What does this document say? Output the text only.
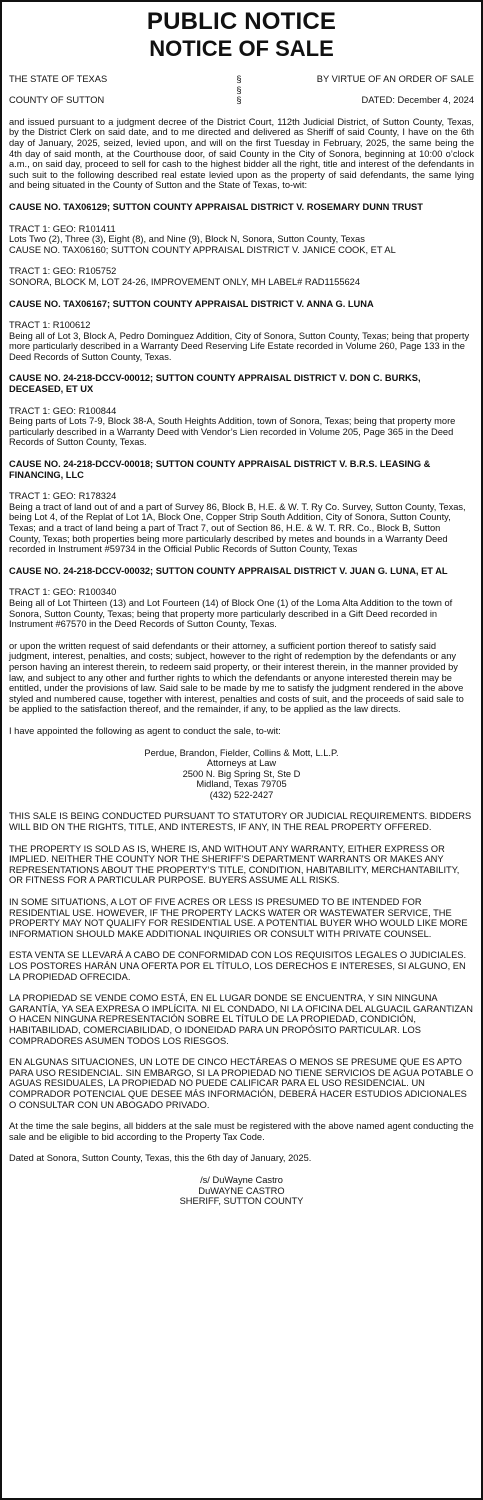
PUBLIC NOTICE
NOTICE OF SALE
THE STATE OF TEXAS	§	BY VIRTUE OF AN ORDER OF SALE
§
COUNTY OF SUTTON	§	DATED: December 4, 2024

and issued pursuant to a judgment decree of the District Court, 112th Judicial District, of Sutton County, Texas, by the District Clerk on said date, and to me directed and delivered as Sheriff of said County, I have on the 6th day of January, 2025, seized, levied upon, and will on the first Tuesday in February, 2025, the same being the 4th day of said month, at the Courthouse door, of said County in the City of Sonora, beginning at 10:00 o’clock a.m., on said day, proceed to sell for cash to the highest bidder all the right, title and interest of the defendants in such suit to the following described real estate levied upon as the property of said defendants, the same lying and being situated in the County of Sutton and the State of Texas, to-wit:

CAUSE NO. TAX06129; SUTTON COUNTY APPRAISAL DISTRICT V. ROSEMARY DUNN TRUST

TRACT 1: GEO: R101411

Lots Two (2), Three (3), Eight (8), and Nine (9), Block N, Sonora, Sutton County, Texas

CAUSE NO. TAX06160; SUTTON COUNTY APPRAISAL DISTRICT V. JANICE COOK, ET AL

TRACT 1: GEO: R105752

SONORA, BLOCK M, LOT 24-26, IMPROVEMENT ONLY, MH LABEL# RAD1155624

CAUSE NO. TAX06167; SUTTON COUNTY APPRAISAL DISTRICT V. ANNA G. LUNA

TRACT 1: R100612

Being all of Lot 3, Block A, Pedro Dominguez Addition, City of Sonora, Sutton County, Texas; being that property more particularly described in a Warranty Deed Reserving Life Estate recorded in Volume 260, Page 133 in the Deed Records of Sutton County, Texas.

CAUSE NO. 24-218-DCCV-00012; SUTTON COUNTY APPRAISAL DISTRICT V. DON C. BURKS, DECEASED, ET UX

TRACT 1: GEO: R100844

Being parts of Lots 7-9, Block 38-A, South Heights Addition, town of Sonora, Texas; being that property more particularly described in a Warranty Deed with Vendor’s Lien recorded in Volume 205, Page 365 in the Deed Records of Sutton County, Texas.

CAUSE NO. 24-218-DCCV-00018; SUTTON COUNTY APPRAISAL DISTRICT V. B.R.S. LEASING & FINANCING, LLC

TRACT 1: GEO: R178324

Being a tract of land out of and a part of Survey 86, Block B, H.E. & W. T. Ry Co. Survey, Sutton County, Texas, being Lot 4, of the Replat of Lot 1A, Block One, Copper Strip South Addition, City of Sonora, Sutton County, Texas; and a tract of land being a part of Tract 7, out of Section 86, H.E. & W. T. RR. Co., Block B, Sutton County, Texas; both properties being more particularly described by metes and bounds in a Warranty Deed recorded in Instrument #59734 in the Official Public Records of Sutton County, Texas

CAUSE NO. 24-218-DCCV-00032; SUTTON COUNTY APPRAISAL DISTRICT V. JUAN G. LUNA, ET AL

TRACT 1: GEO: R100340

Being all of Lot Thirteen (13) and Lot Fourteen (14) of Block One (1) of the Loma Alta Addition to the town of Sonora, Sutton County, Texas; being that property more particularly described in a Gift Deed recorded in Instrument #67570 in the Deed Records of Sutton County, Texas.

or upon the written request of said defendants or their attorney, a sufficient portion thereof to satisfy said judgment, interest, penalties, and costs; subject, however to the right of redemption by the defendants or any person having an interest therein, to redeem said property, or their interest therein, in the manner provided by law, and subject to any other and further rights to which the defendants or anyone interested therein may be entitled, under the provisions of law. Said sale to be made by me to satisfy the judgment rendered in the above styled and numbered cause, together with interest, penalties and costs of suit, and the proceeds of said sale to be applied to the satisfaction thereof, and the remainder, if any, to be applied as the law directs.

I have appointed the following as agent to conduct the sale, to-wit:

Perdue, Brandon, Fielder, Collins & Mott, L.L.P.

Attorneys at Law

2500 N. Big Spring St, Ste D

Midland, Texas 79705

(432) 522-2427

THIS SALE IS BEING CONDUCTED PURSUANT TO STATUTORY OR JUDICIAL REQUIREMENTS. BIDDERS WILL BID ON THE RIGHTS, TITLE, AND INTERESTS, IF ANY, IN THE REAL PROPERTY OFFERED.

THE PROPERTY IS SOLD AS IS, WHERE IS, AND WITHOUT ANY WARRANTY, EITHER EXPRESS OR IMPLIED. NEITHER THE COUNTY NOR THE SHERIFF’S DEPARTMENT WARRANTS OR MAKES ANY REPRESENTATIONS ABOUT THE PROPERTY’S TITLE, CONDITION, HABITABILITY, MERCHANTABILITY, OR FITNESS FOR A PARTICULAR PURPOSE. BUYERS ASSUME ALL RISKS.

IN SOME SITUATIONS, A LOT OF FIVE ACRES OR LESS IS PRESUMED TO BE INTENDED FOR RESIDENTIAL USE. HOWEVER, IF THE PROPERTY LACKS WATER OR WASTEWATER SERVICE, THE PROPERTY MAY NOT QUALIFY FOR RESIDENTIAL USE. A POTENTIAL BUYER WHO WOULD LIKE MORE INFORMATION SHOULD MAKE ADDITIONAL INQUIRIES OR CONSULT WITH PRIVATE COUNSEL.

ESTA VENTA SE LLEVARÁ A CABO DE CONFORMIDAD CON LOS REQUISITOS LEGALES O JUDICIALES. LOS POSTORES HARÁN UNA OFERTA POR EL TÍTULO, LOS DERECHOS E INTERESES, SI ALGUNO, EN LA PROPIEDAD OFRECIDA.

LA PROPIEDAD SE VENDE COMO ESTÁ, EN EL LUGAR DONDE SE ENCUENTRA, Y SIN NINGUNA GARANTÍA, YA SEA EXPRESA O IMPLÍCITA. NI EL CONDADO, NI LA OFICINA DEL ALGUACIL GARANTIZAN O HACEN NINGUNA REPRESENTACIÓN SOBRE EL TÍTULO DE LA PROPIEDAD, CONDICIÓN, HABITABILIDAD, COMERCIABILIDAD, O IDONEIDAD PARA UN PROPÓSITO PARTICULAR. LOS COMPRADORES ASUMEN TODOS LOS RIESGOS.

EN ALGUNAS SITUACIONES, UN LOTE DE CINCO HECTÁREAS O MENOS SE PRESUME QUE ES APTO PARA USO RESIDENCIAL. SIN EMBARGO, SI LA PROPIEDAD NO TIENE SERVICIOS DE AGUA POTABLE O AGUAS RESIDUALES, LA PROPIEDAD NO PUEDE CALIFICAR PARA EL USO RESIDENCIAL. UN COMPRADOR POTENCIAL QUE DESEE MÁS INFORMACIÓN, DEBERÁ HACER ESTUDIOS ADICIONALES O CONSULTAR CON UN ABOGADO PRIVADO.

At the time the sale begins, all bidders at the sale must be registered with the above named agent conducting the sale and be eligible to bid according to the Property Tax Code.

Dated at Sonora, Sutton County, Texas, this the 6th day of January, 2025.

/s/ DuWayne Castro

DuWAYNE CASTRO

SHERIFF, SUTTON COUNTY
